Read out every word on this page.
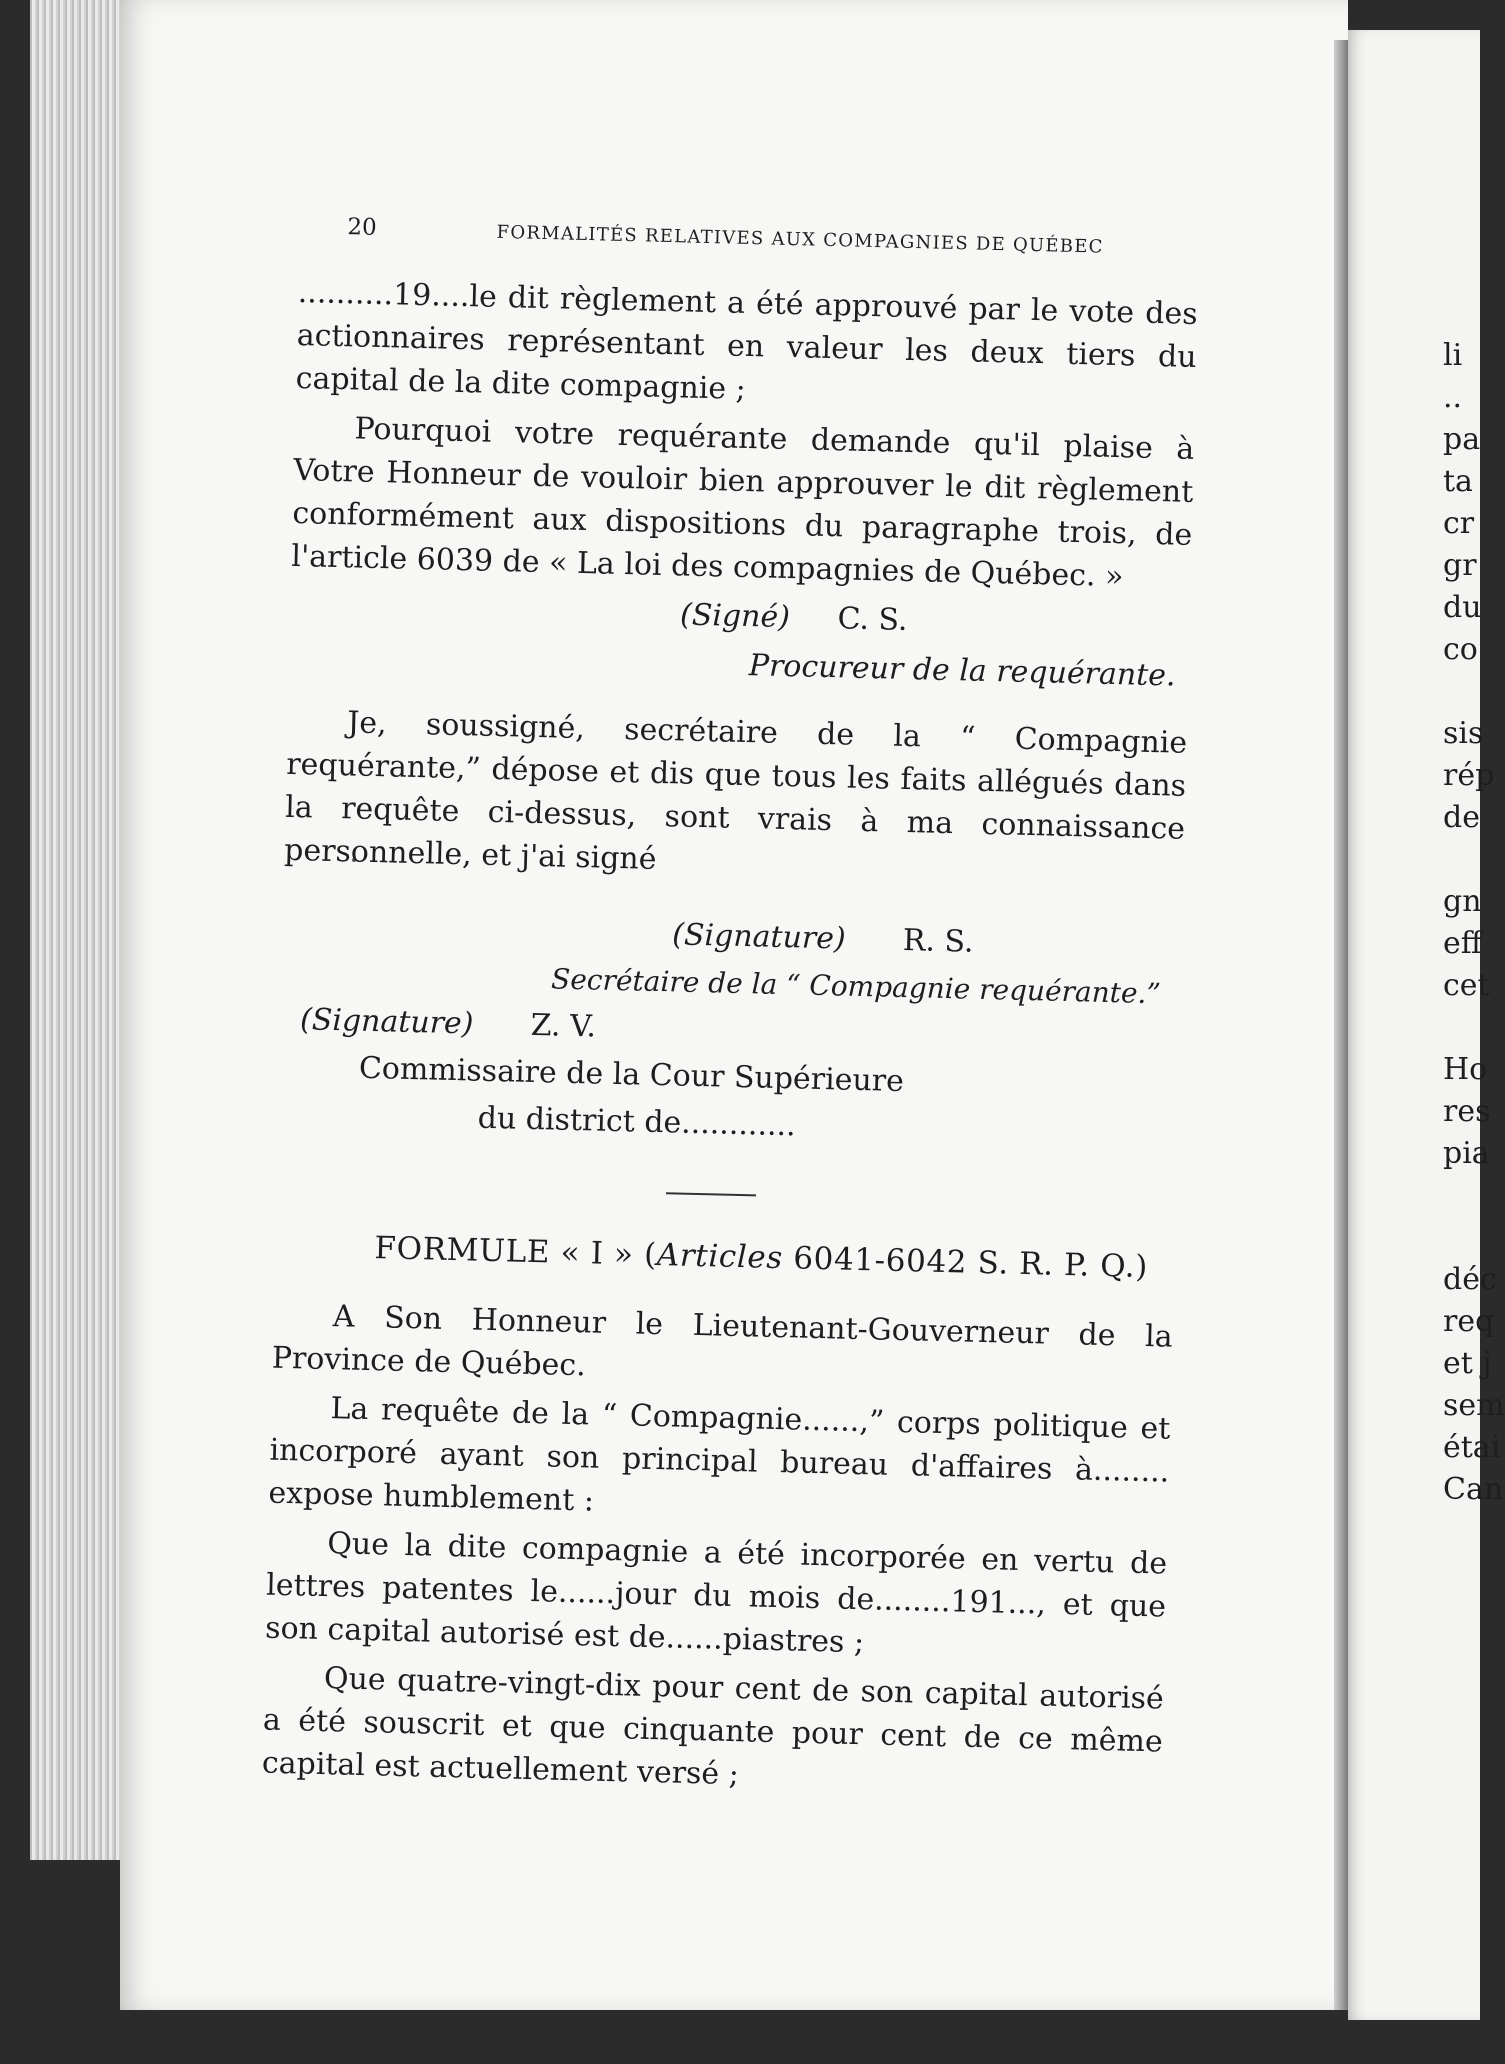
20	FORMALITÉS RELATIVES AUX COMPAGNIES DE QUÉBEC

..........19....le dit règlement a été approuvé par le vote des actionnaires représentant en valeur les deux tiers du capital de la dite compagnie ;

Pourquoi votre requérante demande qu'il plaise à Votre Honneur de vouloir bien approuver le dit règlement conformément aux dispositions du paragraphe trois, de l'article 6039 de « La loi des compagnies de Québec. »

(Signé) C. S.
Procureur de la requérante.

Je, soussigné, secrétaire de la “ Compagnie requérante,” dépose et dis que tous les faits allégués dans la requête ci-dessus, sont vrais à ma connaissance personnelle, et j'ai signé

(Signature) R. S.
Secrétaire de la “ Compagnie requérante.”
(Signature) Z. V.
Commissaire de la Cour Supérieure
du district de............
FORMULE « I » (Articles 6041-6042 S. R. P. Q.)

A Son Honneur le Lieutenant-Gouverneur de la Province de Québec.

La requête de la “ Compagnie......,” corps politique et incorporé ayant son principal bureau d'affaires à........ expose humblement :

Que la dite compagnie a été incorporée en vertu de lettres patentes le......jour du mois de........191..., et que son capital autorisé est de......piastres ;

Que quatre-vingt-dix pour cent de son capital autorisé a été souscrit et que cinquante pour cent de ce même capital est actuellement versé ;

li
..
pa
ta
cr
gr
du
co

sis
rép
de

gn
eff
cet

Ho
res
pia

déc
req
et j
sem
étai
Can
